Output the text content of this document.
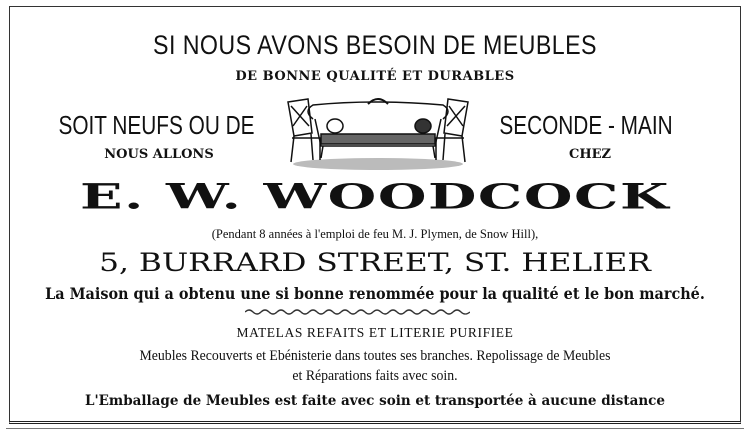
SI NOUS AVONS BESOIN DE MEUBLES
DE BONNE QUALITÉ ET DURABLES
SOIT NEUFS OU DE
NOUS ALLONS
SECONDE - MAIN
CHEZ
E. W. WOODCOCK
(Pendant 8 années à l'emploi de feu M. J. Plymen, de Snow Hill),
5, BURRARD STREET, ST. HELIER
La Maison qui a obtenu une si bonne renommée pour la qualité et le bon marché.
MATELAS REFAITS ET LITERIE PURIFIEE
Meubles Recouverts et Ebénisterie dans toutes ses branches. Repolissage de Meubles
et Réparations faits avec soin.
L'Emballage de Meubles est faite avec soin et transportée à aucune distance
